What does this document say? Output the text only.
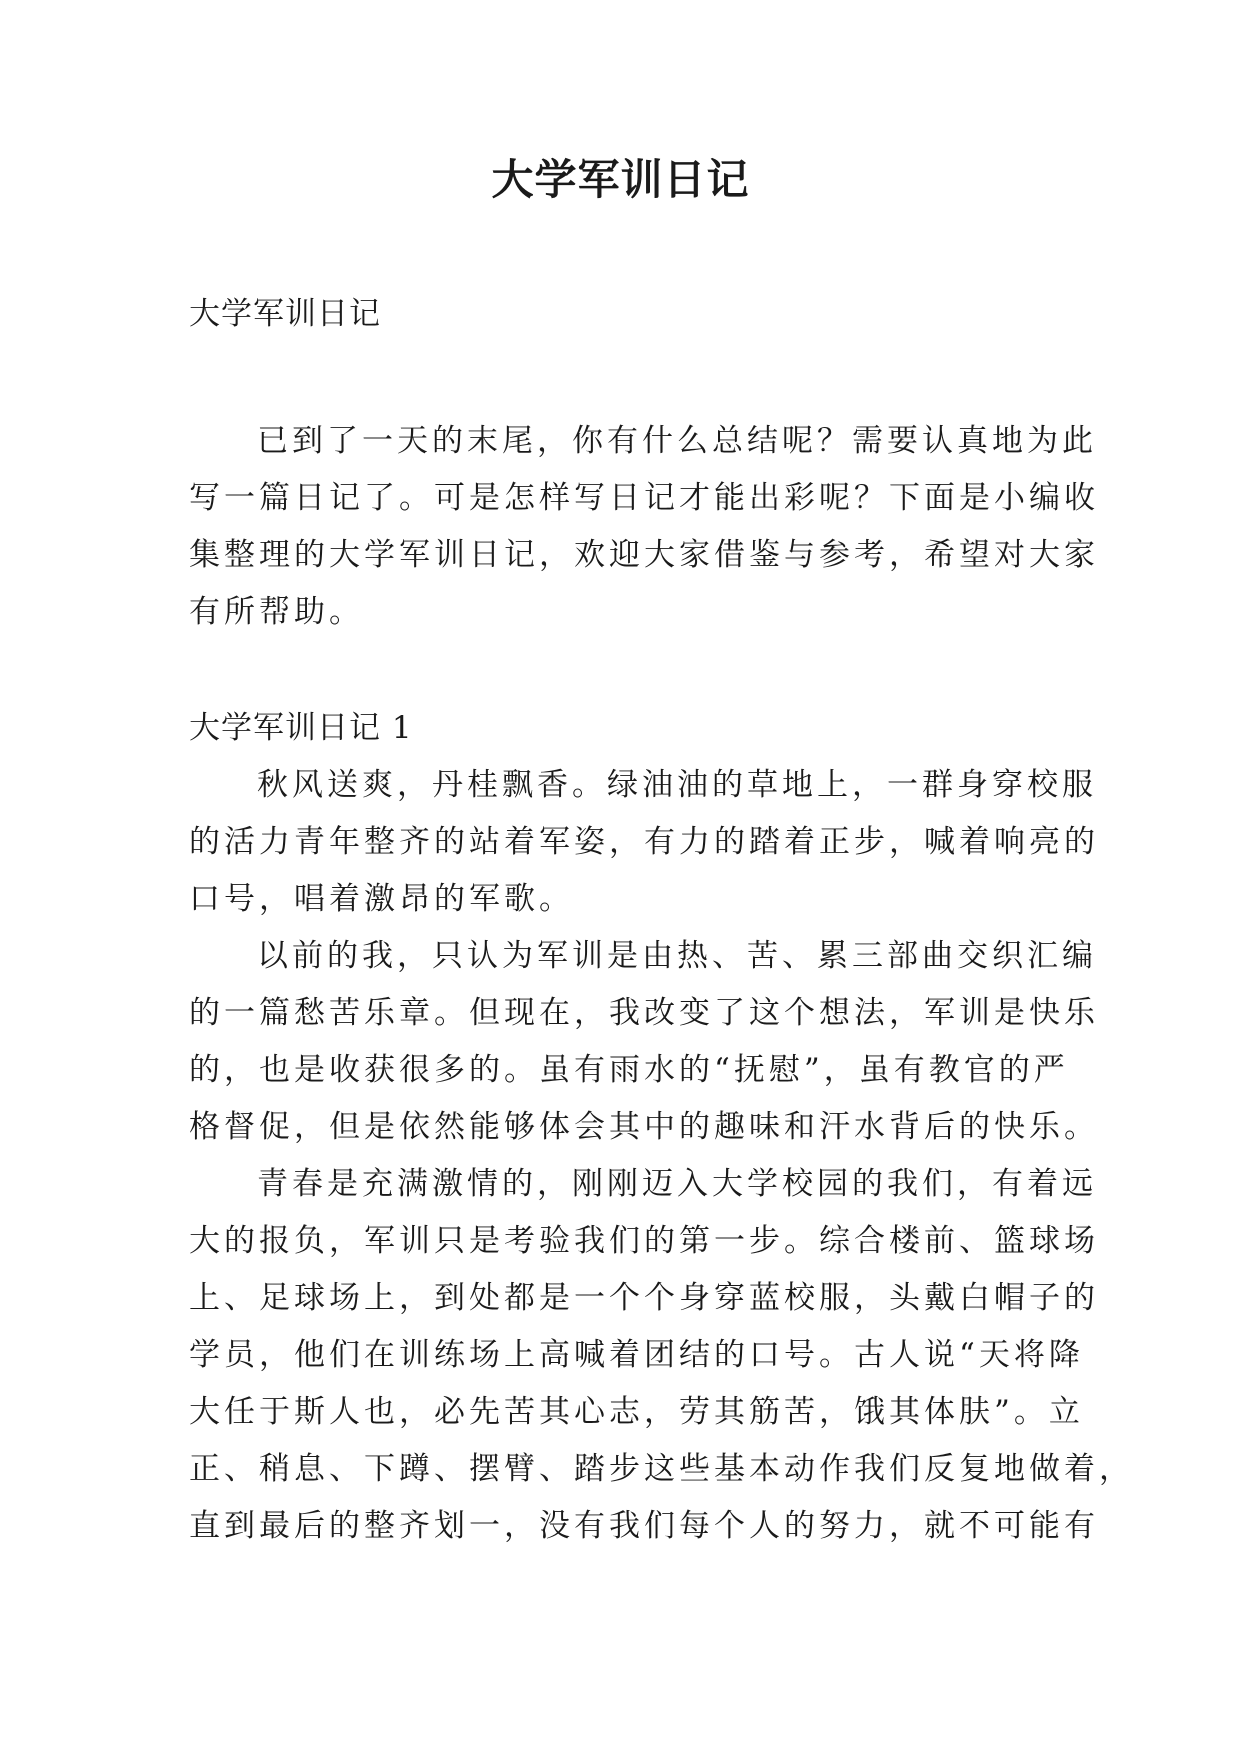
大学军训日记

大学军训日记

已到了一天的末尾，你有什么总结呢？需要认真地为此

写一篇日记了。可是怎样写日记才能出彩呢？下面是小编收

集整理的大学军训日记，欢迎大家借鉴与参考，希望对大家

有所帮助。

大学军训日记 1

秋风送爽，丹桂飘香。绿油油的草地上，一群身穿校服

的活力青年整齐的站着军姿，有力的踏着正步，喊着响亮的

口号，唱着激昂的军歌。

以前的我，只认为军训是由热、苦、累三部曲交织汇编

的一篇愁苦乐章。但现在，我改变了这个想法，军训是快乐

的，也是收获很多的。虽有雨水的“抚慰”，虽有教官的严

格督促，但是依然能够体会其中的趣味和汗水背后的快乐。

青春是充满激情的，刚刚迈入大学校园的我们，有着远

大的报负，军训只是考验我们的第一步。综合楼前、篮球场

上、足球场上，到处都是一个个身穿蓝校服，头戴白帽子的

学员，他们在训练场上高喊着团结的口号。古人说“天将降

大任于斯人也，必先苦其心志，劳其筋苦，饿其体肤”。立

正、稍息、下蹲、摆臂、踏步这些基本动作我们反复地做着，

直到最后的整齐划一，没有我们每个人的努力，就不可能有
